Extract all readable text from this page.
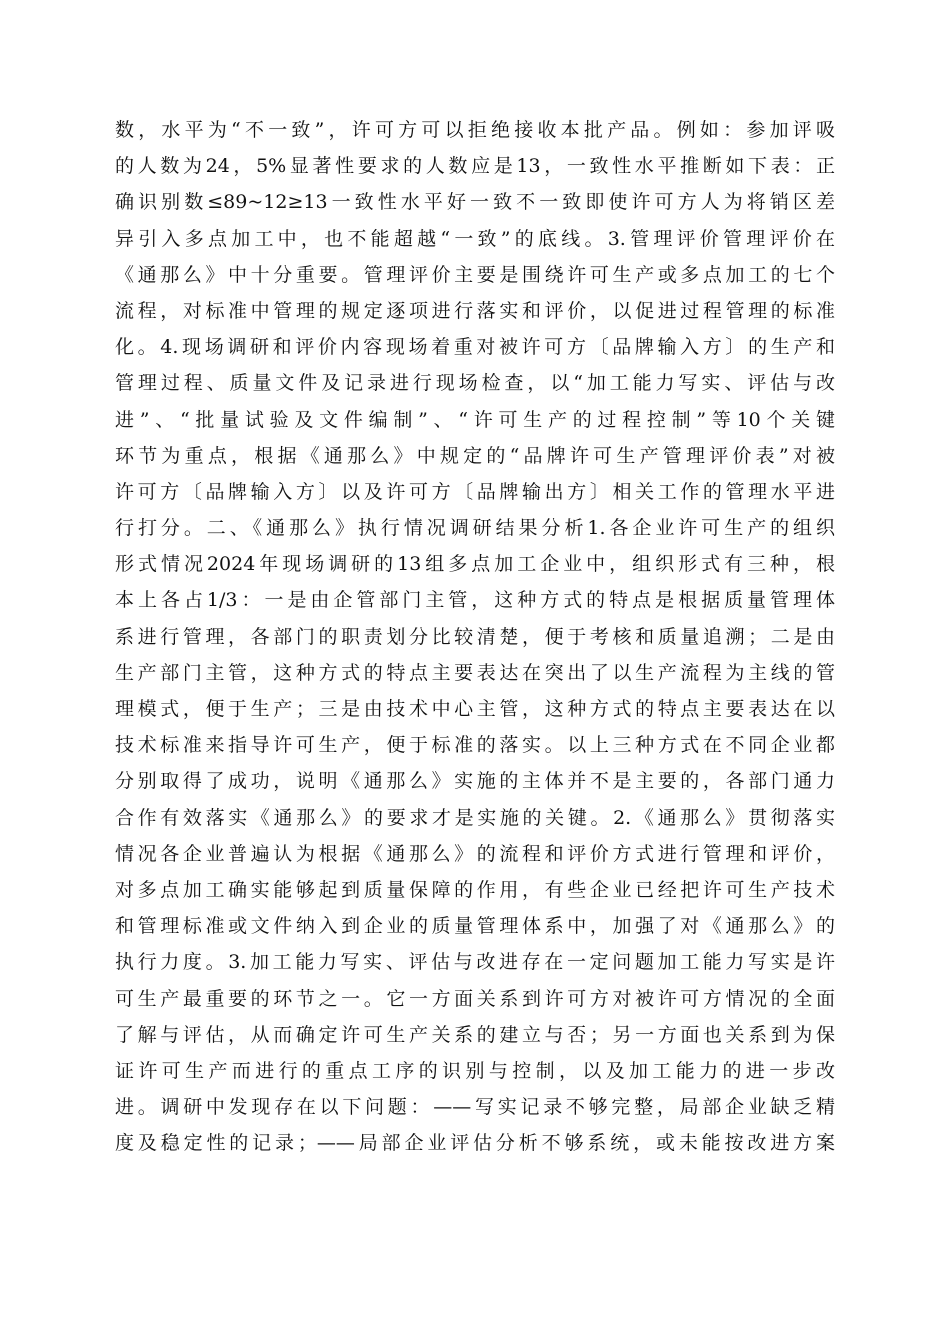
数，水平为“不一致”，许可方可以拒绝接收本批产品。例如：参加评吸
的人数为24，5%显著性要求的人数应是13，一致性水平推断如下表：正
确识别数≤89~12≥13一致性水平好一致不一致即使许可方人为将销区差
异引入多点加工中，也不能超越“一致”的底线。3.管理评价管理评价在
《通那么》中十分重要。管理评价主要是围绕许可生产或多点加工的七个
流程，对标准中管理的规定逐项进行落实和评价，以促进过程管理的标准
化。4.现场调研和评价内容现场着重对被许可方〔品牌输入方〕的生产和
管理过程、质量文件及记录进行现场检查，以“加工能力写实、评估与改
进”、“批量试验及文件编制”、“许可生产的过程控制”等10个关键
环节为重点，根据《通那么》中规定的“品牌许可生产管理评价表”对被
许可方〔品牌输入方〕以及许可方〔品牌输出方〕相关工作的管理水平进
行打分。二、《通那么》执行情况调研结果分析1.各企业许可生产的组织
形式情况2024年现场调研的13组多点加工企业中，组织形式有三种，根
本上各占1/3：一是由企管部门主管，这种方式的特点是根据质量管理体
系进行管理，各部门的职责划分比较清楚，便于考核和质量追溯；二是由
生产部门主管，这种方式的特点主要表达在突出了以生产流程为主线的管
理模式，便于生产；三是由技术中心主管，这种方式的特点主要表达在以
技术标准来指导许可生产，便于标准的落实。以上三种方式在不同企业都
分别取得了成功，说明《通那么》实施的主体并不是主要的，各部门通力
合作有效落实《通那么》的要求才是实施的关键。2.《通那么》贯彻落实
情况各企业普遍认为根据《通那么》的流程和评价方式进行管理和评价，
对多点加工确实能够起到质量保障的作用，有些企业已经把许可生产技术
和管理标准或文件纳入到企业的质量管理体系中，加强了对《通那么》的
执行力度。3.加工能力写实、评估与改进存在一定问题加工能力写实是许
可生产最重要的环节之一。它一方面关系到许可方对被许可方情况的全面
了解与评估，从而确定许可生产关系的建立与否；另一方面也关系到为保
证许可生产而进行的重点工序的识别与控制，以及加工能力的进一步改
进。调研中发现存在以下问题：——写实记录不够完整，局部企业缺乏精
度及稳定性的记录；——局部企业评估分析不够系统，或未能按改进方案
